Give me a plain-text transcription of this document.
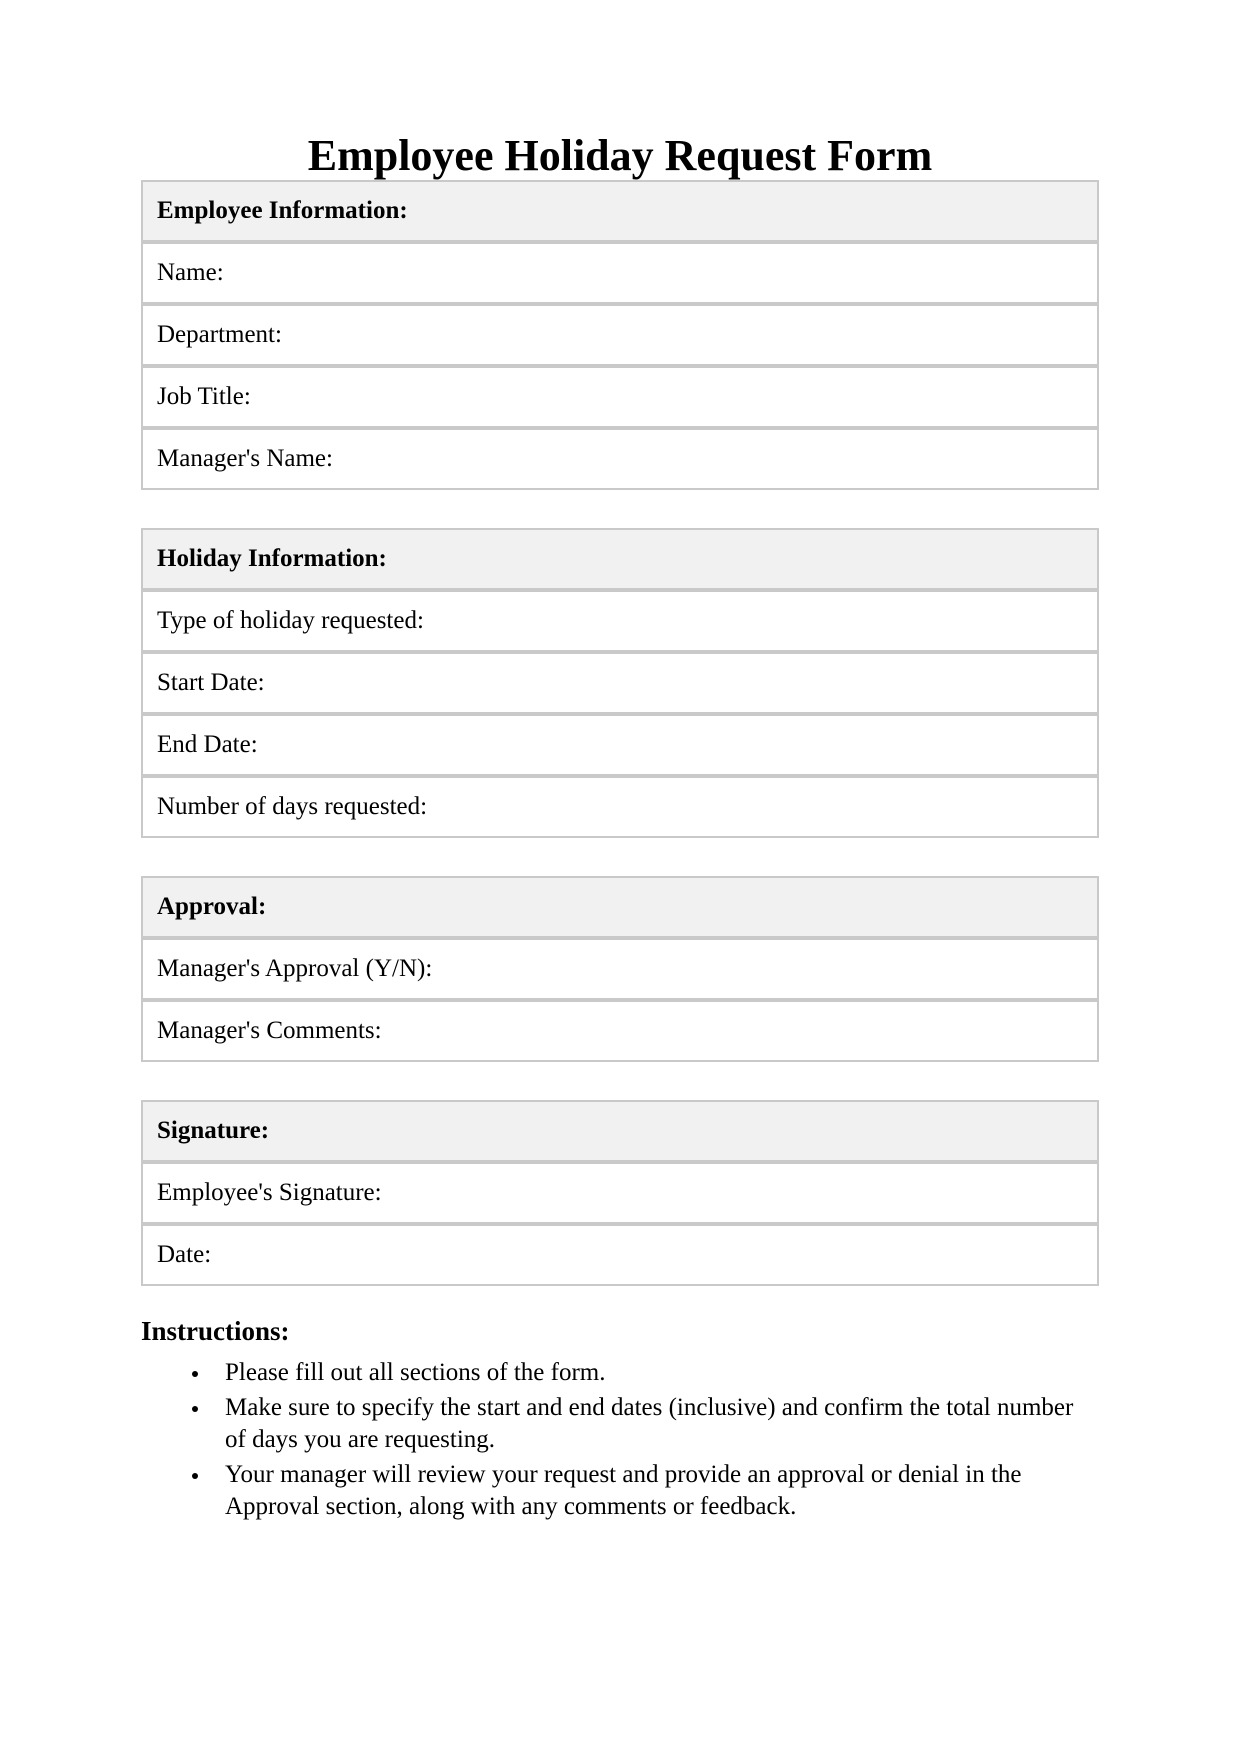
Employee Holiday Request Form
Employee Information:
Name:
Department:
Job Title:
Manager's Name:
Holiday Information:
Type of holiday requested:
Start Date:
End Date:
Number of days requested:
Approval:
Manager's Approval (Y/N):
Manager's Comments:
Signature:
Employee's Signature:
Date:
Instructions:
• Please fill out all sections of the form.
• Make sure to specify the start and end dates (inclusive) and confirm the total number of days you are requesting.
• Your manager will review your request and provide an approval or denial in the Approval section, along with any comments or feedback.
